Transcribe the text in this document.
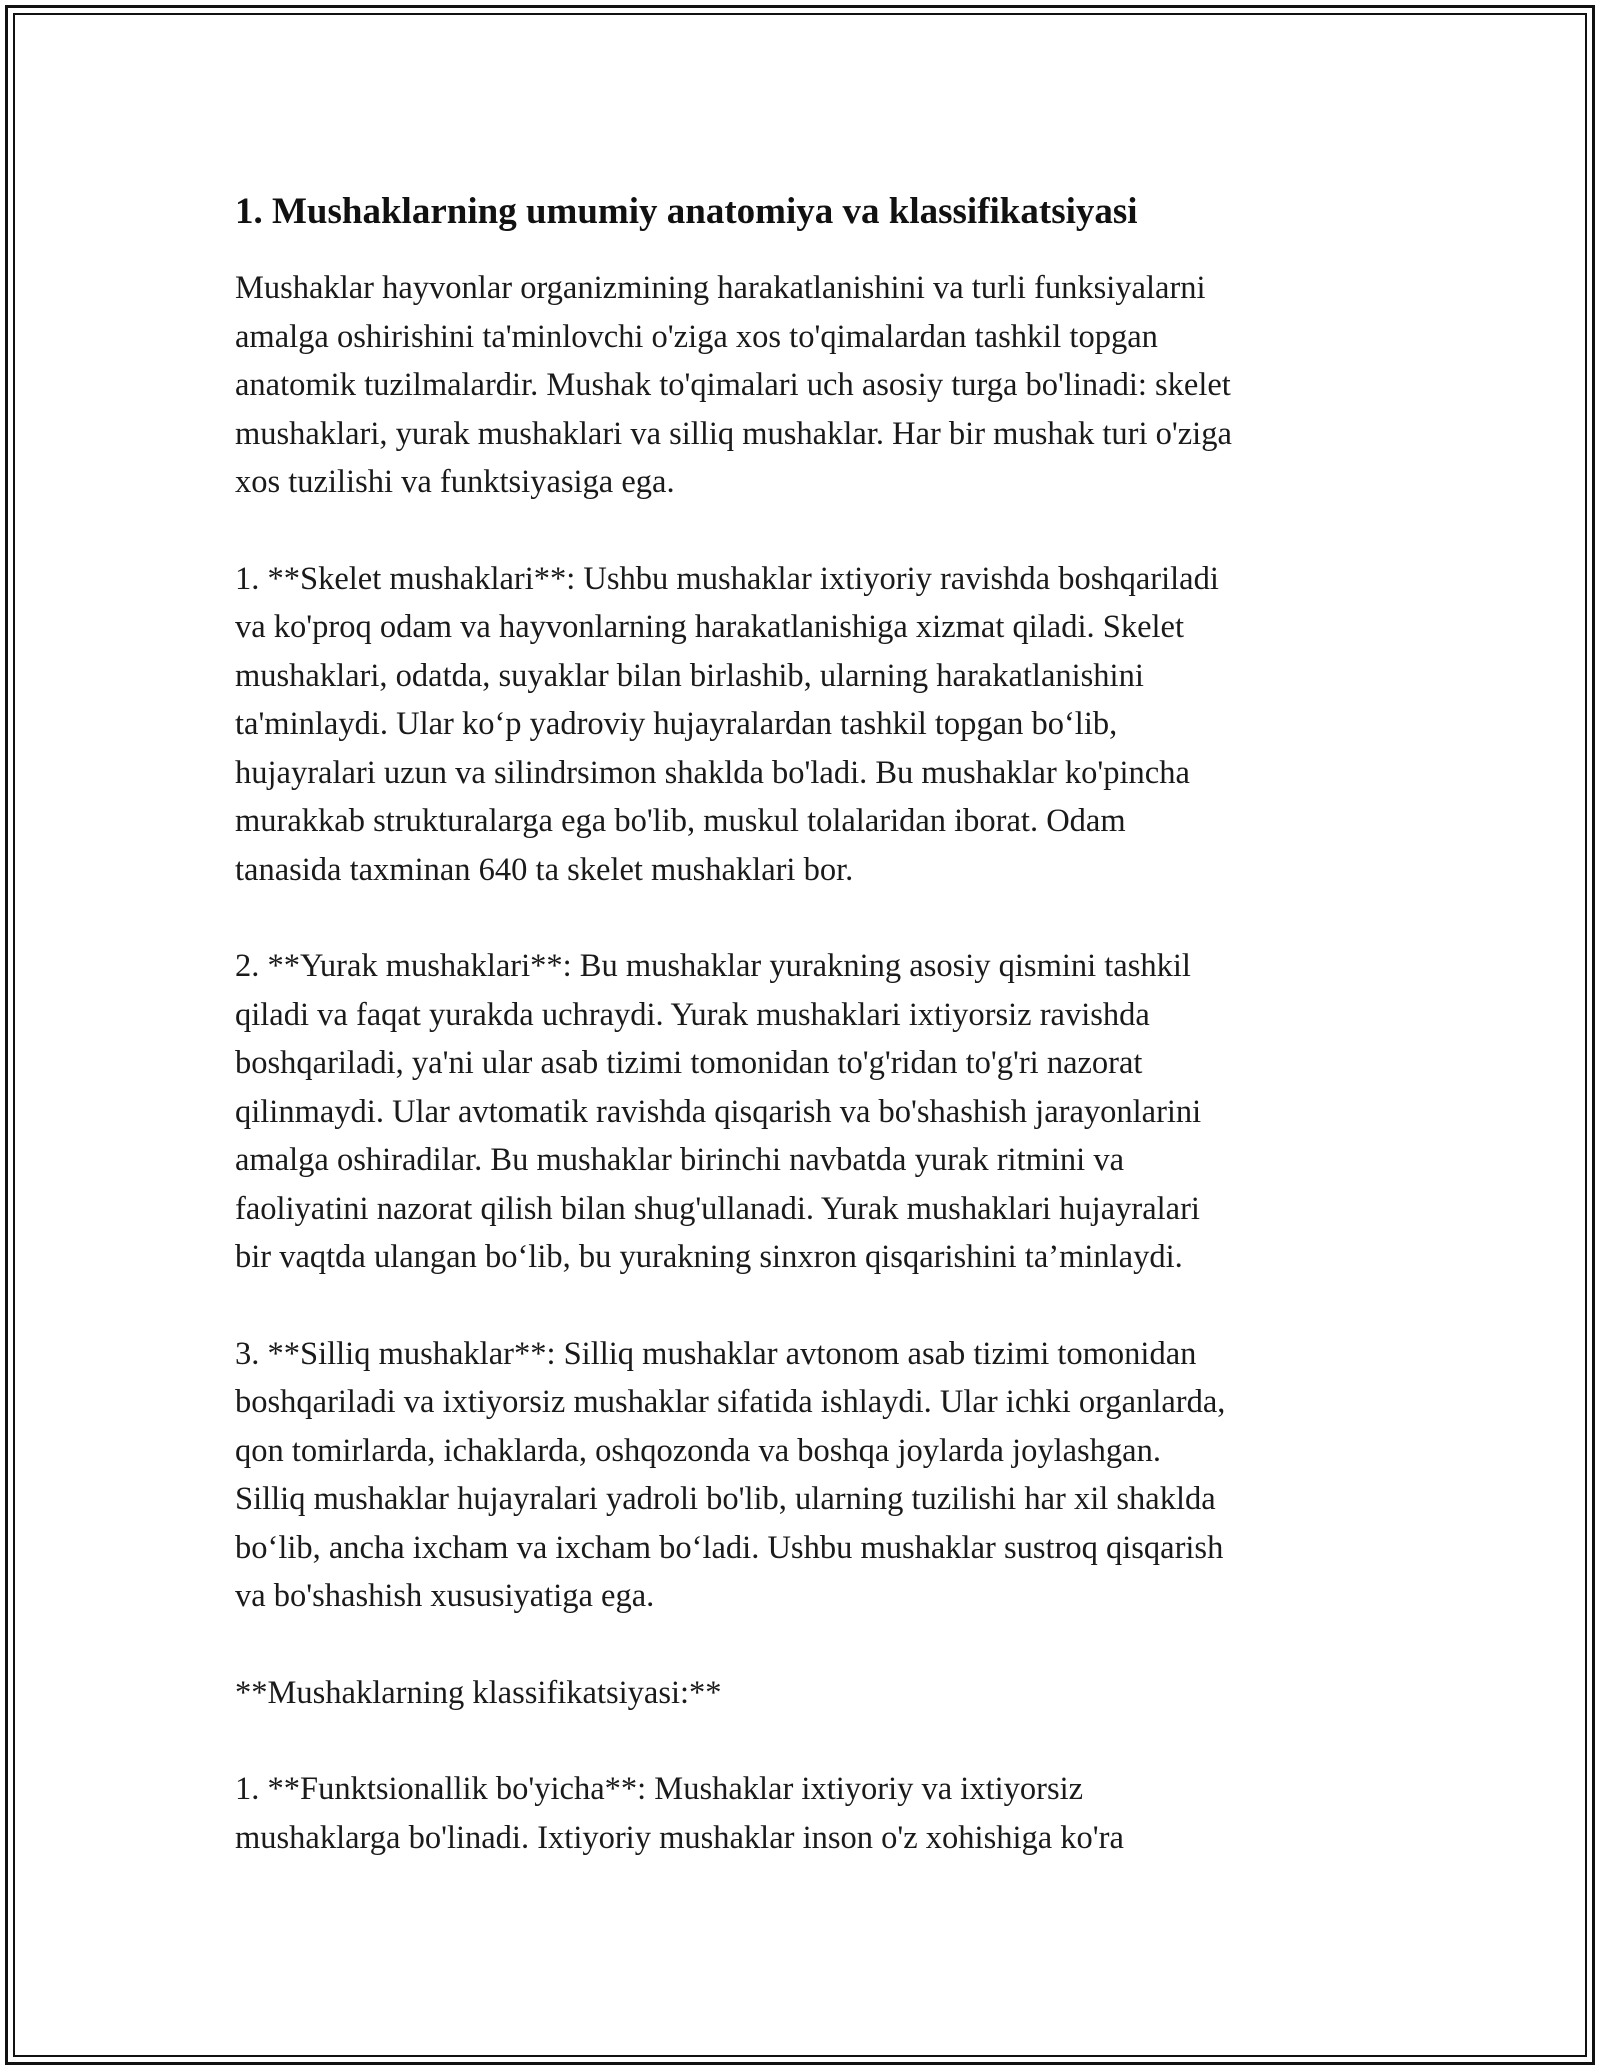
1. Mushaklarning umumiy anatomiya va klassifikatsiyasi

Mushaklar hayvonlar organizmining harakatlanishini va turli funksiyalarni
amalga oshirishini ta'minlovchi o'ziga xos to'qimalardan tashkil topgan
anatomik tuzilmalardir. Mushak to'qimalari uch asosiy turga bo'linadi: skelet
mushaklari, yurak mushaklari va silliq mushaklar. Har bir mushak turi o'ziga
xos tuzilishi va funktsiyasiga ega.

1. **Skelet mushaklari**: Ushbu mushaklar ixtiyoriy ravishda boshqariladi
va ko'proq odam va hayvonlarning harakatlanishiga xizmat qiladi. Skelet
mushaklari, odatda, suyaklar bilan birlashib, ularning harakatlanishini
ta'minlaydi. Ular ko‘p yadroviy hujayralardan tashkil topgan bo‘lib,
hujayralari uzun va silindrsimon shaklda bo'ladi. Bu mushaklar ko'pincha
murakkab strukturalarga ega bo'lib, muskul tolalaridan iborat. Odam
tanasida taxminan 640 ta skelet mushaklari bor.

2. **Yurak mushaklari**: Bu mushaklar yurakning asosiy qismini tashkil
qiladi va faqat yurakda uchraydi. Yurak mushaklari ixtiyorsiz ravishda
boshqariladi, ya'ni ular asab tizimi tomonidan to'g'ridan to'g'ri nazorat
qilinmaydi. Ular avtomatik ravishda qisqarish va bo'shashish jarayonlarini
amalga oshiradilar. Bu mushaklar birinchi navbatda yurak ritmini va
faoliyatini nazorat qilish bilan shug'ullanadi. Yurak mushaklari hujayralari
bir vaqtda ulangan bo‘lib, bu yurakning sinxron qisqarishini ta’minlaydi.

3. **Silliq mushaklar**: Silliq mushaklar avtonom asab tizimi tomonidan
boshqariladi va ixtiyorsiz mushaklar sifatida ishlaydi. Ular ichki organlarda,
qon tomirlarda, ichaklarda, oshqozonda va boshqa joylarda joylashgan.
Silliq mushaklar hujayralari yadroli bo'lib, ularning tuzilishi har xil shaklda
bo‘lib, ancha ixcham va ixcham bo‘ladi. Ushbu mushaklar sustroq qisqarish
va bo'shashish xususiyatiga ega.

**Mushaklarning klassifikatsiyasi:**

1. **Funktsionallik bo'yicha**: Mushaklar ixtiyoriy va ixtiyorsiz
mushaklarga bo'linadi. Ixtiyoriy mushaklar inson o'z xohishiga ko'ra
